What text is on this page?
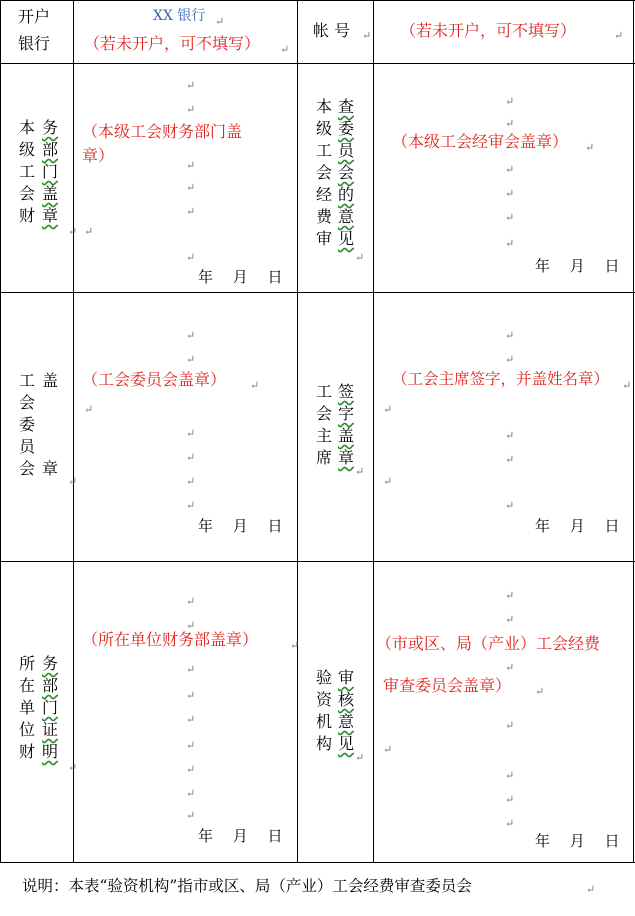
开户
银行
XX 银行
（若未开户，可不填写）
帐 号	（若未开户，可不填写）
本
级
工
会
财
务
部
门
盖
章
（本级工会财务部门盖
章）
年　 月　 日
本
级
工
会
经
费
审
查
委
员
会
的
意
见
（本级工会经审会盖章）
年　 月　 日
工
会
委
员
会
盖
章
（工会委员会盖章）
年　 月　 日
工
会
主
席
签
字
盖
章
（工会主席签字，并盖姓名章）
年　 月　 日
所
在
单
位
财
务
部
门
证
明
（所在单位财务部盖章）
年　 月　 日
验
资
机
构
审
核
意
见
（市或区、局（产业）工会经费
审查委员会盖章）
年　 月　 日
↵
↵
↵	↵
↵
↵
↵
↵
↵
↵
↵
↵
↵
↵
↵
↵
↵
↵
↵
↵
↵
↵
↵
↵
↵
↵
↵
↵
↵
↵
↵
↵
↵
↵
↵
↵
↵
↵
↵
↵
↵
↵
↵
↵
↵
↵
↵
↵
↵
↵
↵
↵
↵
↵
↵
↵
↵
↵
↵
↵
说明：本表“验资机构”指市或区、局（产业）工会经费审查委员会
